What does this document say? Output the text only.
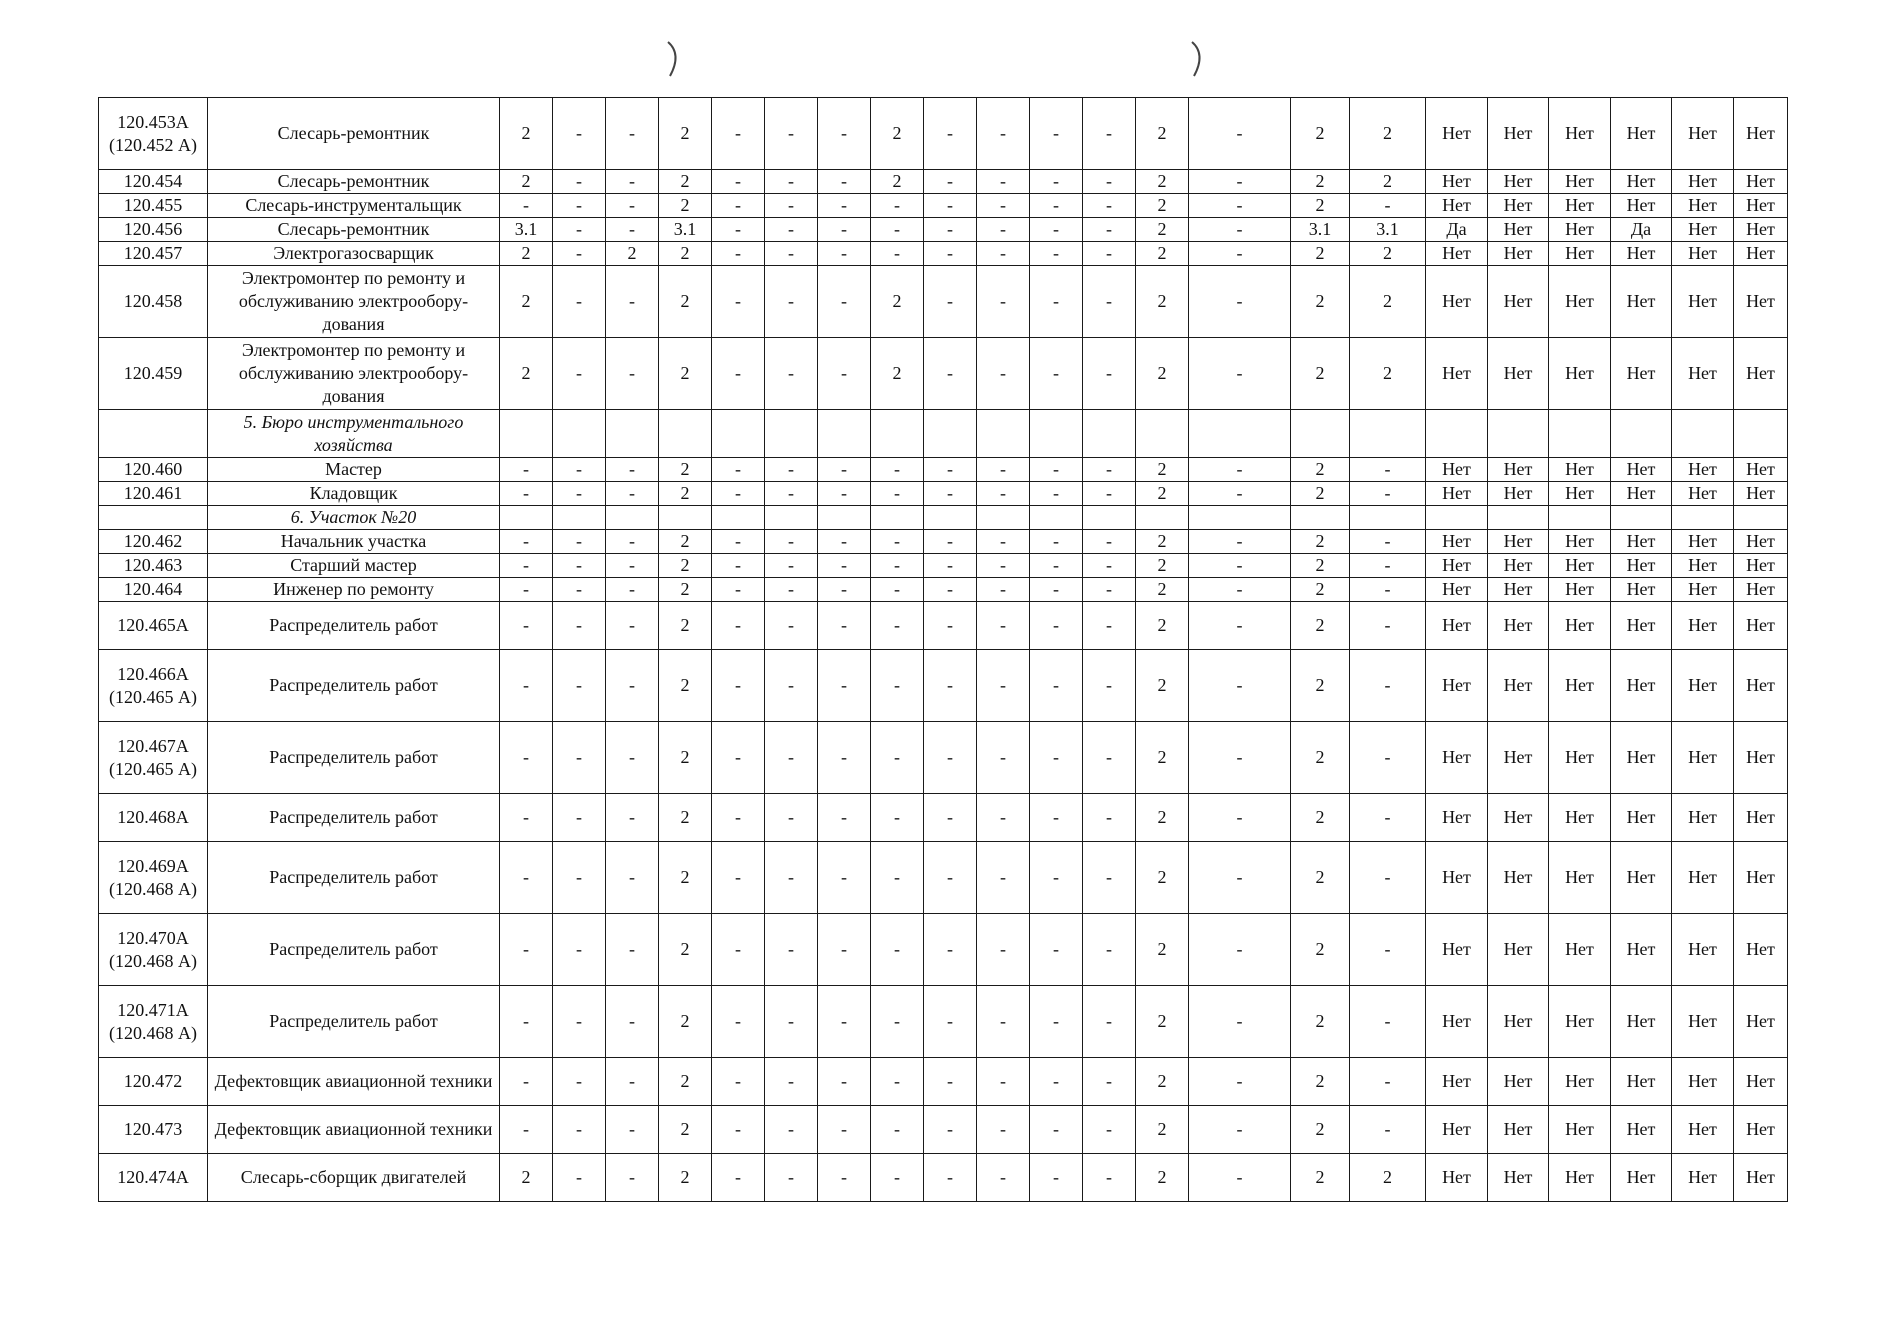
120.453А (120.452 А)	Слесарь-ремонтник	2	-	-	2	-	-	-	2	-	-	-	-	2	-	2	2	Нет	Нет	Нет	Нет	Нет	Нет
120.454	Слесарь-ремонтник	2	-	-	2	-	-	-	2	-	-	-	-	2	-	2	2	Нет	Нет	Нет	Нет	Нет	Нет
120.455	Слесарь-инструментальщик	-	-	-	2	-	-	-	-	-	-	-	-	2	-	2	-	Нет	Нет	Нет	Нет	Нет	Нет
120.456	Слесарь-ремонтник	3.1	-	-	3.1	-	-	-	-	-	-	-	-	2	-	3.1	3.1	Да	Нет	Нет	Да	Нет	Нет
120.457	Электрогазосварщик	2	-	2	2	-	-	-	-	-	-	-	-	2	-	2	2	Нет	Нет	Нет	Нет	Нет	Нет
120.458	Электромонтер по ремонту и обслуживанию электрообору-дования	2	-	-	2	-	-	-	2	-	-	-	-	2	-	2	2	Нет	Нет	Нет	Нет	Нет	Нет
120.459	Электромонтер по ремонту и обслуживанию электрообору-дования	2	-	-	2	-	-	-	2	-	-	-	-	2	-	2	2	Нет	Нет	Нет	Нет	Нет	Нет
	5. Бюро инструментального хозяйства																						
120.460	Мастер	-	-	-	2	-	-	-	-	-	-	-	-	2	-	2	-	Нет	Нет	Нет	Нет	Нет	Нет
120.461	Кладовщик	-	-	-	2	-	-	-	-	-	-	-	-	2	-	2	-	Нет	Нет	Нет	Нет	Нет	Нет
	6. Участок №20																						
120.462	Начальник участка	-	-	-	2	-	-	-	-	-	-	-	-	2	-	2	-	Нет	Нет	Нет	Нет	Нет	Нет
120.463	Старший мастер	-	-	-	2	-	-	-	-	-	-	-	-	2	-	2	-	Нет	Нет	Нет	Нет	Нет	Нет
120.464	Инженер по ремонту	-	-	-	2	-	-	-	-	-	-	-	-	2	-	2	-	Нет	Нет	Нет	Нет	Нет	Нет
120.465А	Распределитель работ	-	-	-	2	-	-	-	-	-	-	-	-	2	-	2	-	Нет	Нет	Нет	Нет	Нет	Нет
120.466А (120.465 А)	Распределитель работ	-	-	-	2	-	-	-	-	-	-	-	-	2	-	2	-	Нет	Нет	Нет	Нет	Нет	Нет
120.467А (120.465 А)	Распределитель работ	-	-	-	2	-	-	-	-	-	-	-	-	2	-	2	-	Нет	Нет	Нет	Нет	Нет	Нет
120.468А	Распределитель работ	-	-	-	2	-	-	-	-	-	-	-	-	2	-	2	-	Нет	Нет	Нет	Нет	Нет	Нет
120.469А (120.468 А)	Распределитель работ	-	-	-	2	-	-	-	-	-	-	-	-	2	-	2	-	Нет	Нет	Нет	Нет	Нет	Нет
120.470А (120.468 А)	Распределитель работ	-	-	-	2	-	-	-	-	-	-	-	-	2	-	2	-	Нет	Нет	Нет	Нет	Нет	Нет
120.471А (120.468 А)	Распределитель работ	-	-	-	2	-	-	-	-	-	-	-	-	2	-	2	-	Нет	Нет	Нет	Нет	Нет	Нет
120.472	Дефектовщик авиационной техники	-	-	-	2	-	-	-	-	-	-	-	-	2	-	2	-	Нет	Нет	Нет	Нет	Нет	Нет
120.473	Дефектовщик авиационной техники	-	-	-	2	-	-	-	-	-	-	-	-	2	-	2	-	Нет	Нет	Нет	Нет	Нет	Нет
120.474А	Слесарь-сборщик двигателей	2	-	-	2	-	-	-	-	-	-	-	-	2	-	2	2	Нет	Нет	Нет	Нет	Нет	Нет
